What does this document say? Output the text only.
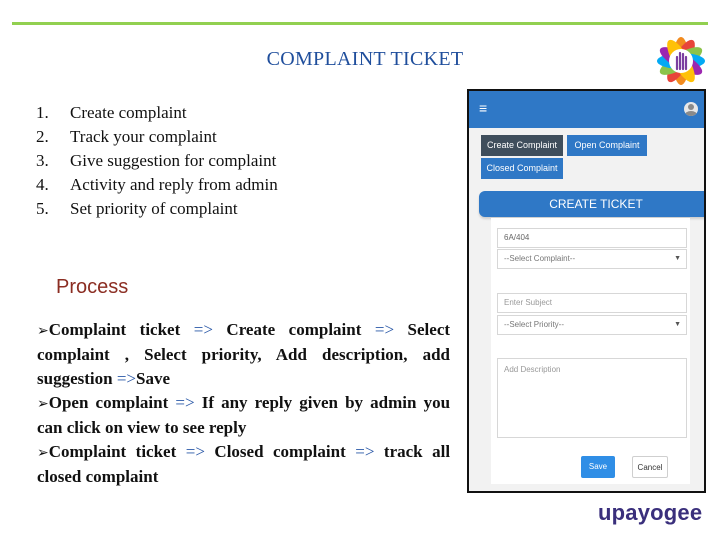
COMPLAINT TICKET
1.	Create complaint
2.	Track your complaint
3.	Give suggestion for complaint
4.	Activity and reply from admin
5.	Set priority of complaint
Process

➢Complaint ticket => Create complaint => Select complaint , Select priority, Add description, add suggestion =>Save

➢Open complaint => If any reply given by admin you can click on view to see reply

➢Complaint ticket => Closed complaint => track all closed complaint

≡
Create Complaint	Open Complaint
Closed Complaint
CREATE TICKET
6A/404
--Select Complaint--	▼
Enter Subject
--Select Priority--	▼
Add Description
Save	Cancel
upayogee
